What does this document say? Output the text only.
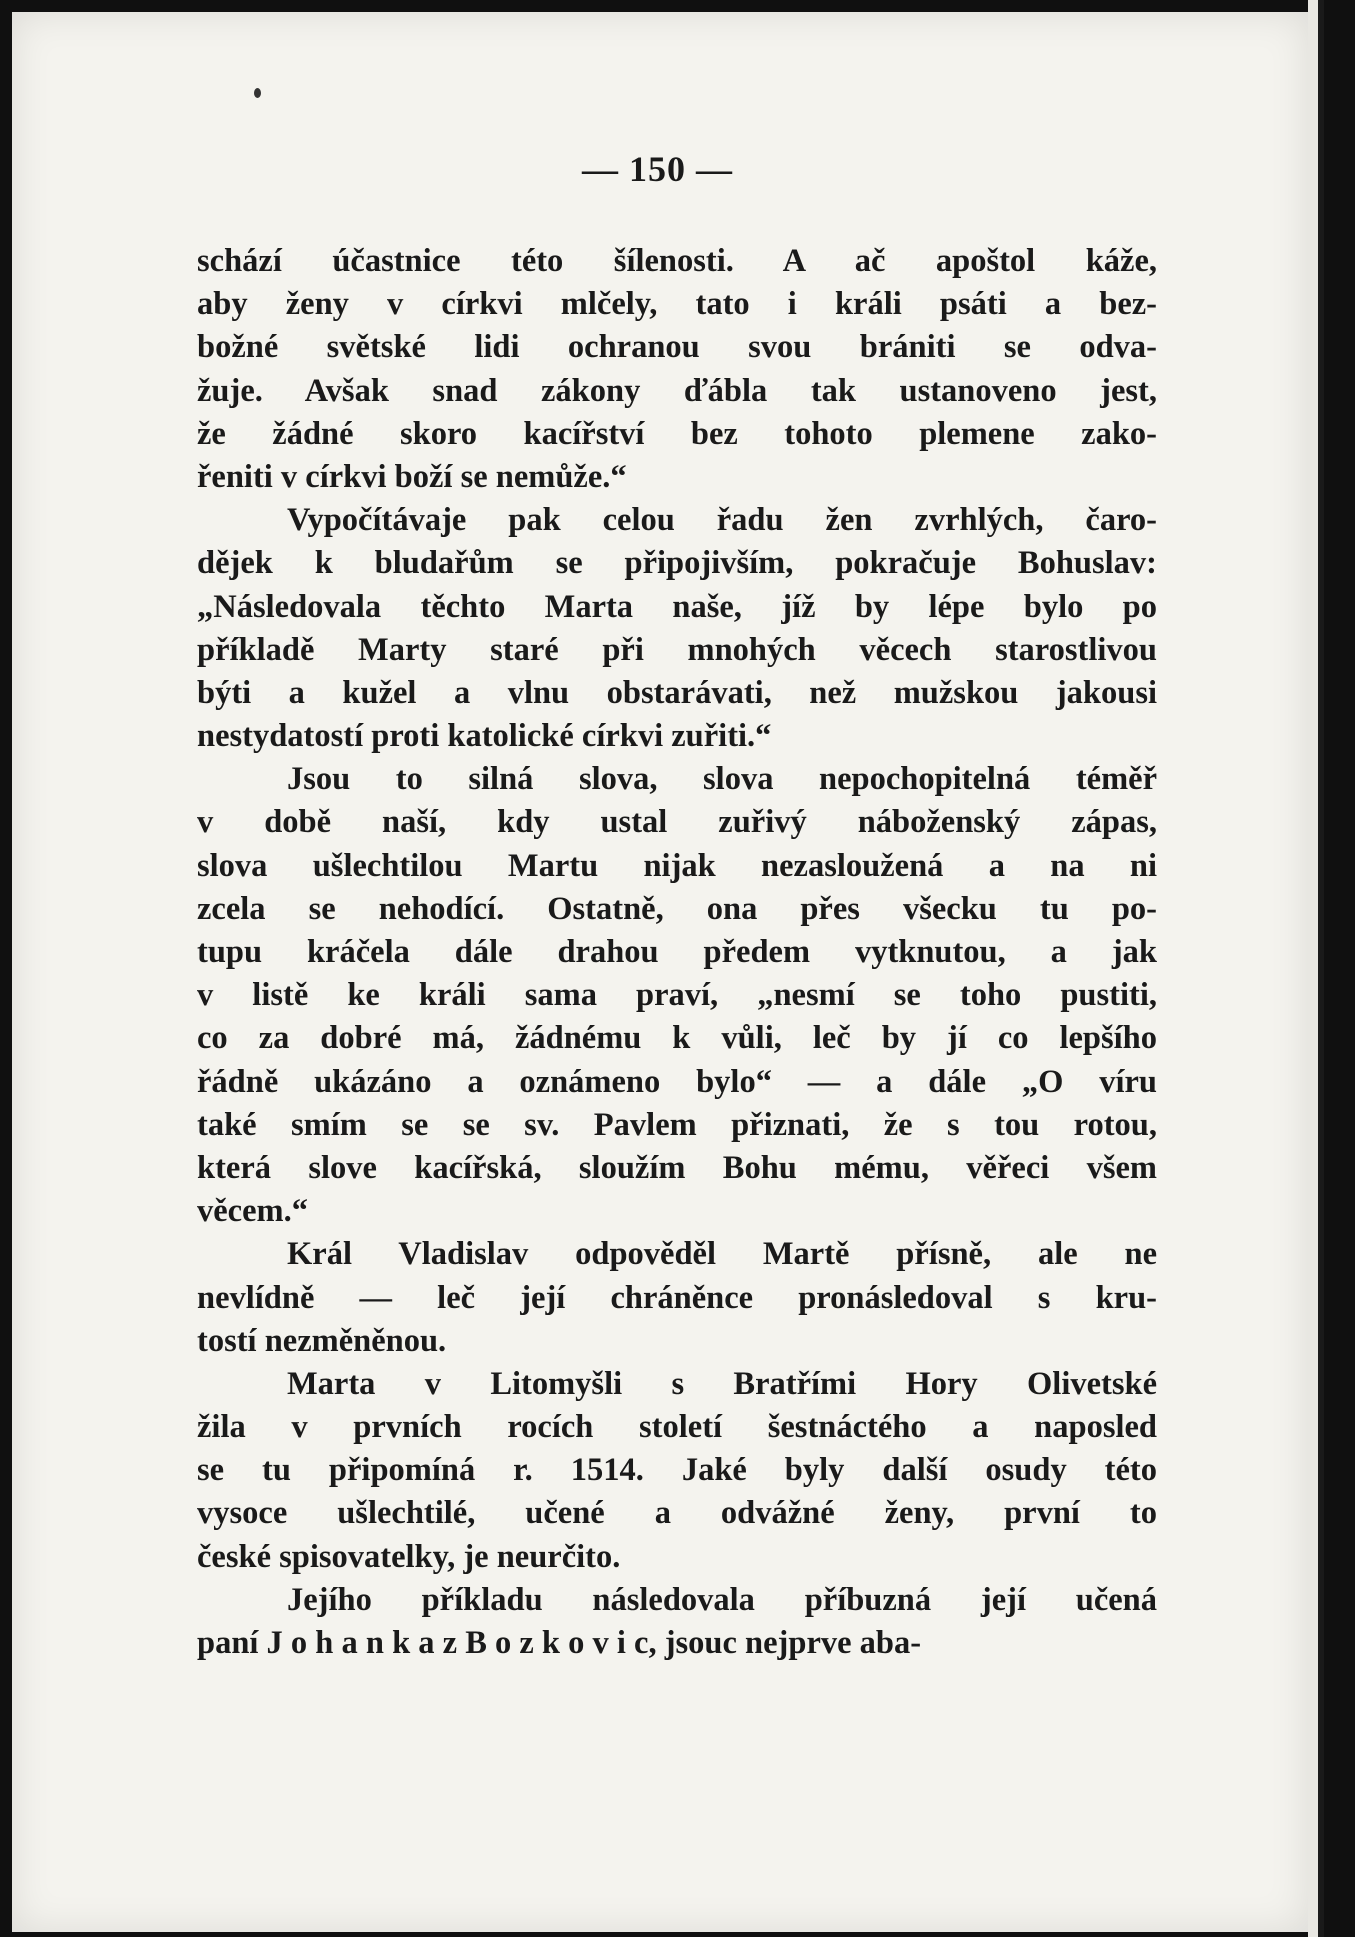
— 150 —
schází účastnice této šílenosti. A ač apoštol káže,
aby ženy v církvi mlčely, tato i králi psáti a bez-
božné světské lidi ochranou svou brániti se odva-
žuje. Avšak snad zákony ďábla tak ustanoveno jest,
že žádné skoro kacířství bez tohoto plemene zako-
řeniti v církvi boží se nemůže.“
Vypočítávaje pak celou řadu žen zvrhlých, čaro-
dějek k bludařům se připojivším, pokračuje Bohuslav:
„Následovala těchto Marta naše, jíž by lépe bylo po
příkladě Marty staré při mnohých věcech starostlivou
býti a kužel a vlnu obstarávati, než mužskou jakousi
nestydatostí proti katolické církvi zuřiti.“
Jsou to silná slova, slova nepochopitelná téměř
v době naší, kdy ustal zuřivý náboženský zápas,
slova ušlechtilou Martu nijak nezasloužená a na ni
zcela se nehodící. Ostatně, ona přes všecku tu po-
tupu kráčela dále drahou předem vytknutou, a jak
v listě ke králi sama praví, „nesmí se toho pustiti,
co za dobré má, žádnému k vůli, leč by jí co lepšího
řádně ukázáno a oznámeno bylo“ — a dále „O víru
také smím se se sv. Pavlem přiznati, že s tou rotou,
která slove kacířská, sloužím Bohu mému, věřeci všem
věcem.“
Král Vladislav odpověděl Martě přísně, ale ne
nevlídně — leč její chráněnce pronásledoval s kru-
tostí nezměněnou.
Marta v Litomyšli s Bratřími Hory Olivetské
žila v prvních rocích století šestnáctého a naposled
se tu připomíná r. 1514. Jaké byly další osudy této
vysoce ušlechtilé, učené a odvážné ženy, první to
české spisovatelky, je neurčito.
Jejího příkladu následovala příbuzná její učená
paní J o h a n k a z B o z k o v i c, jsouc nejprve aba-
